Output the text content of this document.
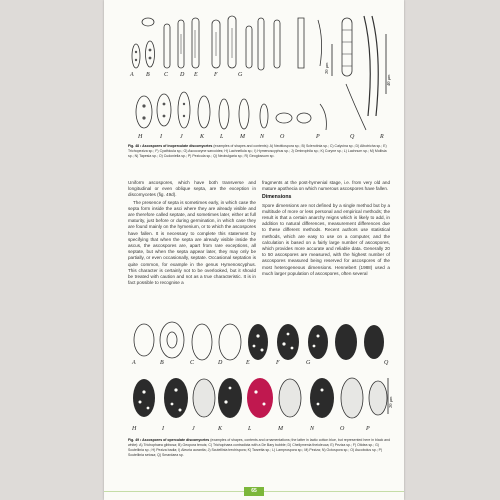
A B C D E	F	G
H	I	J	K	L	M	N	O	P	Q	R
20 μm
40 μm
Fig. 48 • Ascospores of inoperculate discomycetes (examples of shapes and contents): A) Neottiospora sp.; B) Sclerotinia sp.; C) Calycina sp.; D) Albotricha sp.; E) Trichopeziza sp.; F) Cyathicula sp.; G) Ascocoryne sarcoides; H) Lachnellula sp.; I) Hymenoscyphus sp.; J) Ombrophila sp.; K) Coryne sp.; L) Lachnum sp.; M) Mollisia sp.; N) Tapesia sp.; O) Cudoniella sp.; P) Pezicula sp.; Q) Neobulgaria sp.; R) Geoglossum sp.

Uniform ascospores, which have both transverse and longitudinal or even oblique septa, are the exception in discomycetes (fig. 49d).

The presence of septa is sometimes early, in which case the septa form inside the asci where they are already visible and are therefore called septate, and sometimes later, either at full maturity, just before or during germination, in which case they are found mainly on the hymenium, or to which the ascospores have fallen. It is necessary to complete this statement by specifying that when the septa are already visible inside the ascus, the ascospores are, apart from rare exceptions, all septate, but when the septa appear later, they may only be partially, or even occasionally, septate. Occasional septation is quite common, for example in the genus Hymenoscyphus. This character is certainly not to be overlooked, but it should be treated with caution and not as a true characteristic. It is in fact possible to recognise a

fragments at the post-hymenial stage, i.e. from very old and mature apothecia on which numerous ascospores have fallen.

Dimensions

Spore dimensions are not defined by a single method but by a multitude of more or less personal and empirical methods; the result is that a certain anarchy reigns which is likely to add, in addition to natural differences, measurement differences due to these different methods. Recent authors use statistical methods, which are easy to use on a computer, and the calculation is based on a fairly large number of ascospores, which provides more accurate and reliable data. Generally 20 to 50 ascospores are measured, with the highest number of ascospores measured being reserved for ascospores of the most heterogeneous dimensions. Hennebert (1988) used a much larger population of ascospores, often several

A	B	C	D	E	F	G
H	I	J	K	L	M	N	O	P
Q
20 μm
Fig. 49 • Ascospores of operculate discomycetes (examples of shapes, contents and ornamentations; the latter in lactic cotton blue, but represented here in black and white): A) Trichophaea gibbosa; B) Geopora tenuis; C) Trichophaea contradicta with a De Bary bubble; D) Cheilymenia theioleuca; E) Peziza sp.; F) Otidea sp.; G) Scutellinia sp.; H) Peziza badia; I) Aleuria aurantia; J) Scutellinia trechispora; K) Tarzetta sp.; L) Lamprospora sp.; M) Peziza; N) Octospora sp.; O) Ascobolus sp.; P) Scutellinia setosa; Q) Smardaea sp.
65
